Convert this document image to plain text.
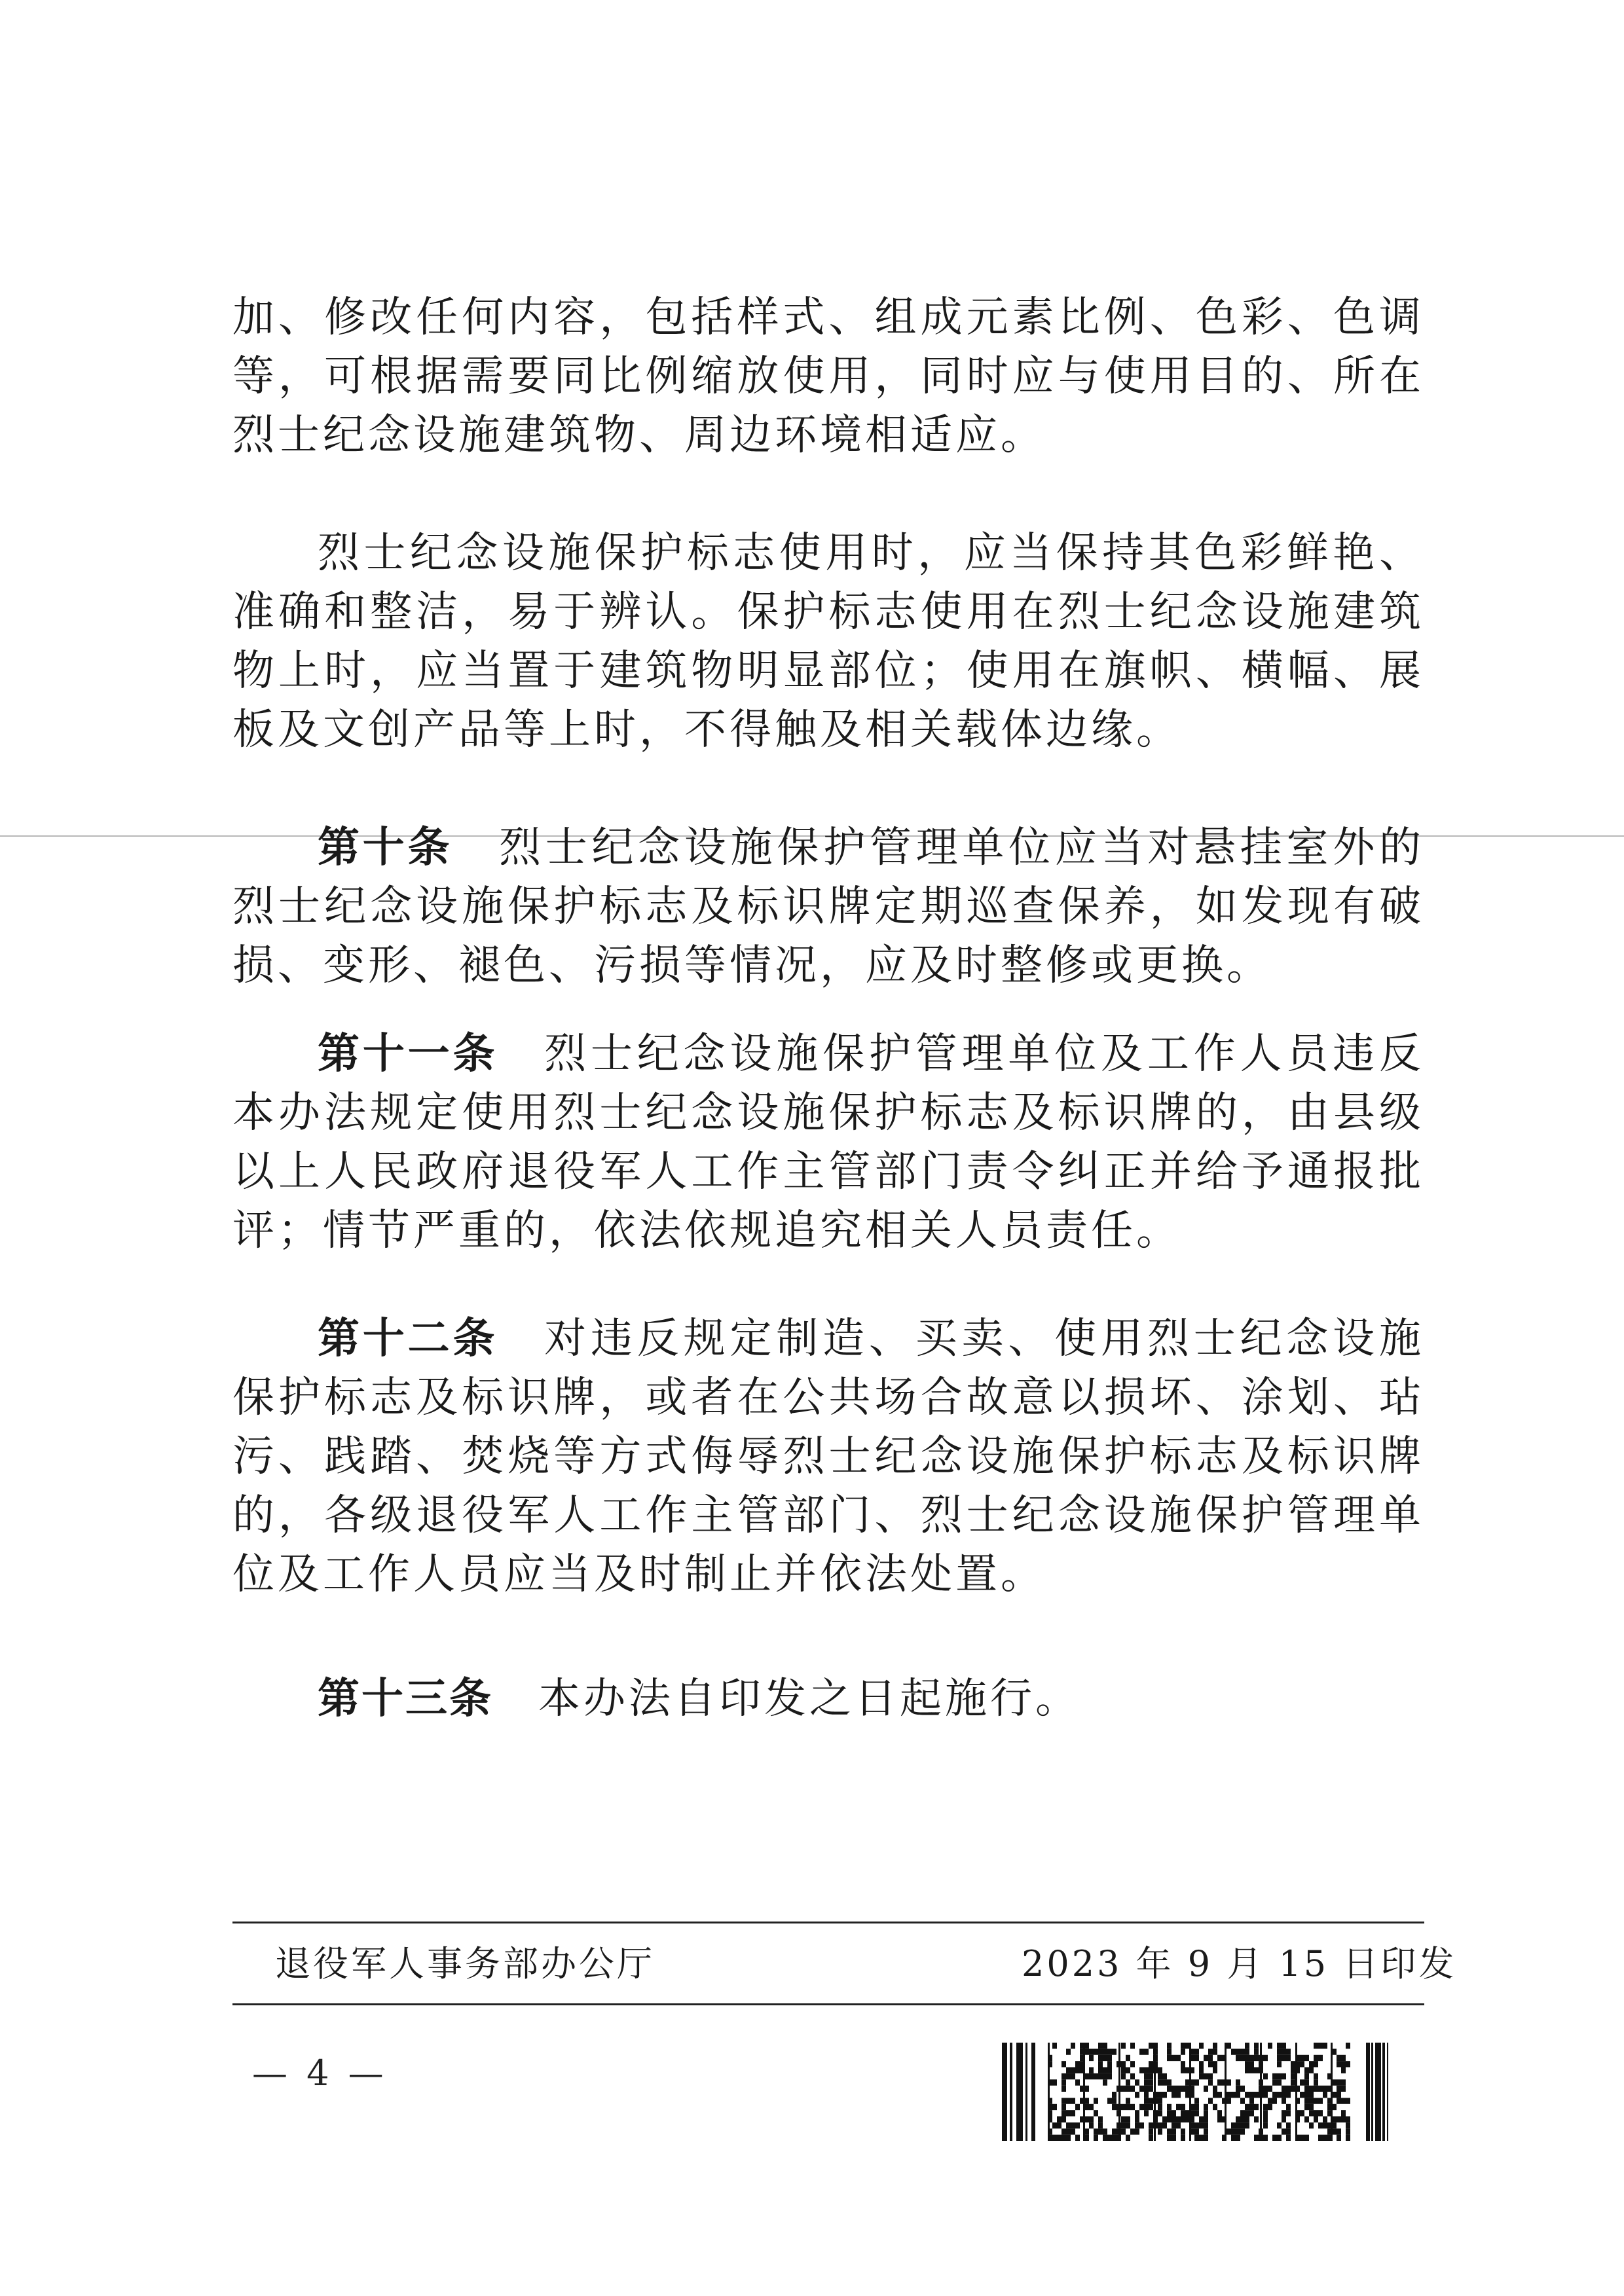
加、修改任何内容，包括样式、组成元素比例、色彩、色调等，可根据需要同比例缩放使用，同时应与使用目的、所在烈士纪念设施建筑物、周边环境相适应。

烈士纪念设施保护标志使用时，应当保持其色彩鲜艳、准确和整洁，易于辨认。保护标志使用在烈士纪念设施建筑物上时，应当置于建筑物明显部位；使用在旗帜、横幅、展板及文创产品等上时，不得触及相关载体边缘。

第十条　 烈士纪念设施保护管理单位应当对悬挂室外的烈士纪念设施保护标志及标识牌定期巡查保养，如发现有破损、变形、褪色、污损等情况，应及时整修或更换。

第十一条　 烈士纪念设施保护管理单位及工作人员违反本办法规定使用烈士纪念设施保护标志及标识牌的，由县级以上人民政府退役军人工作主管部门责令纠正并给予通报批评；情节严重的，依法依规追究相关人员责任。

第十二条　 对违反规定制造、买卖、使用烈士纪念设施保护标志及标识牌，或者在公共场合故意以损坏、涂划、玷污、践踏、焚烧等方式侮辱烈士纪念设施保护标志及标识牌的，各级退役军人工作主管部门、烈士纪念设施保护管理单位及工作人员应当及时制止并依法处置。

第十三条　 本办法自印发之日起施行。

退役军人事务部办公厅	2023 年 9 月 15 日印发
— 4 —
